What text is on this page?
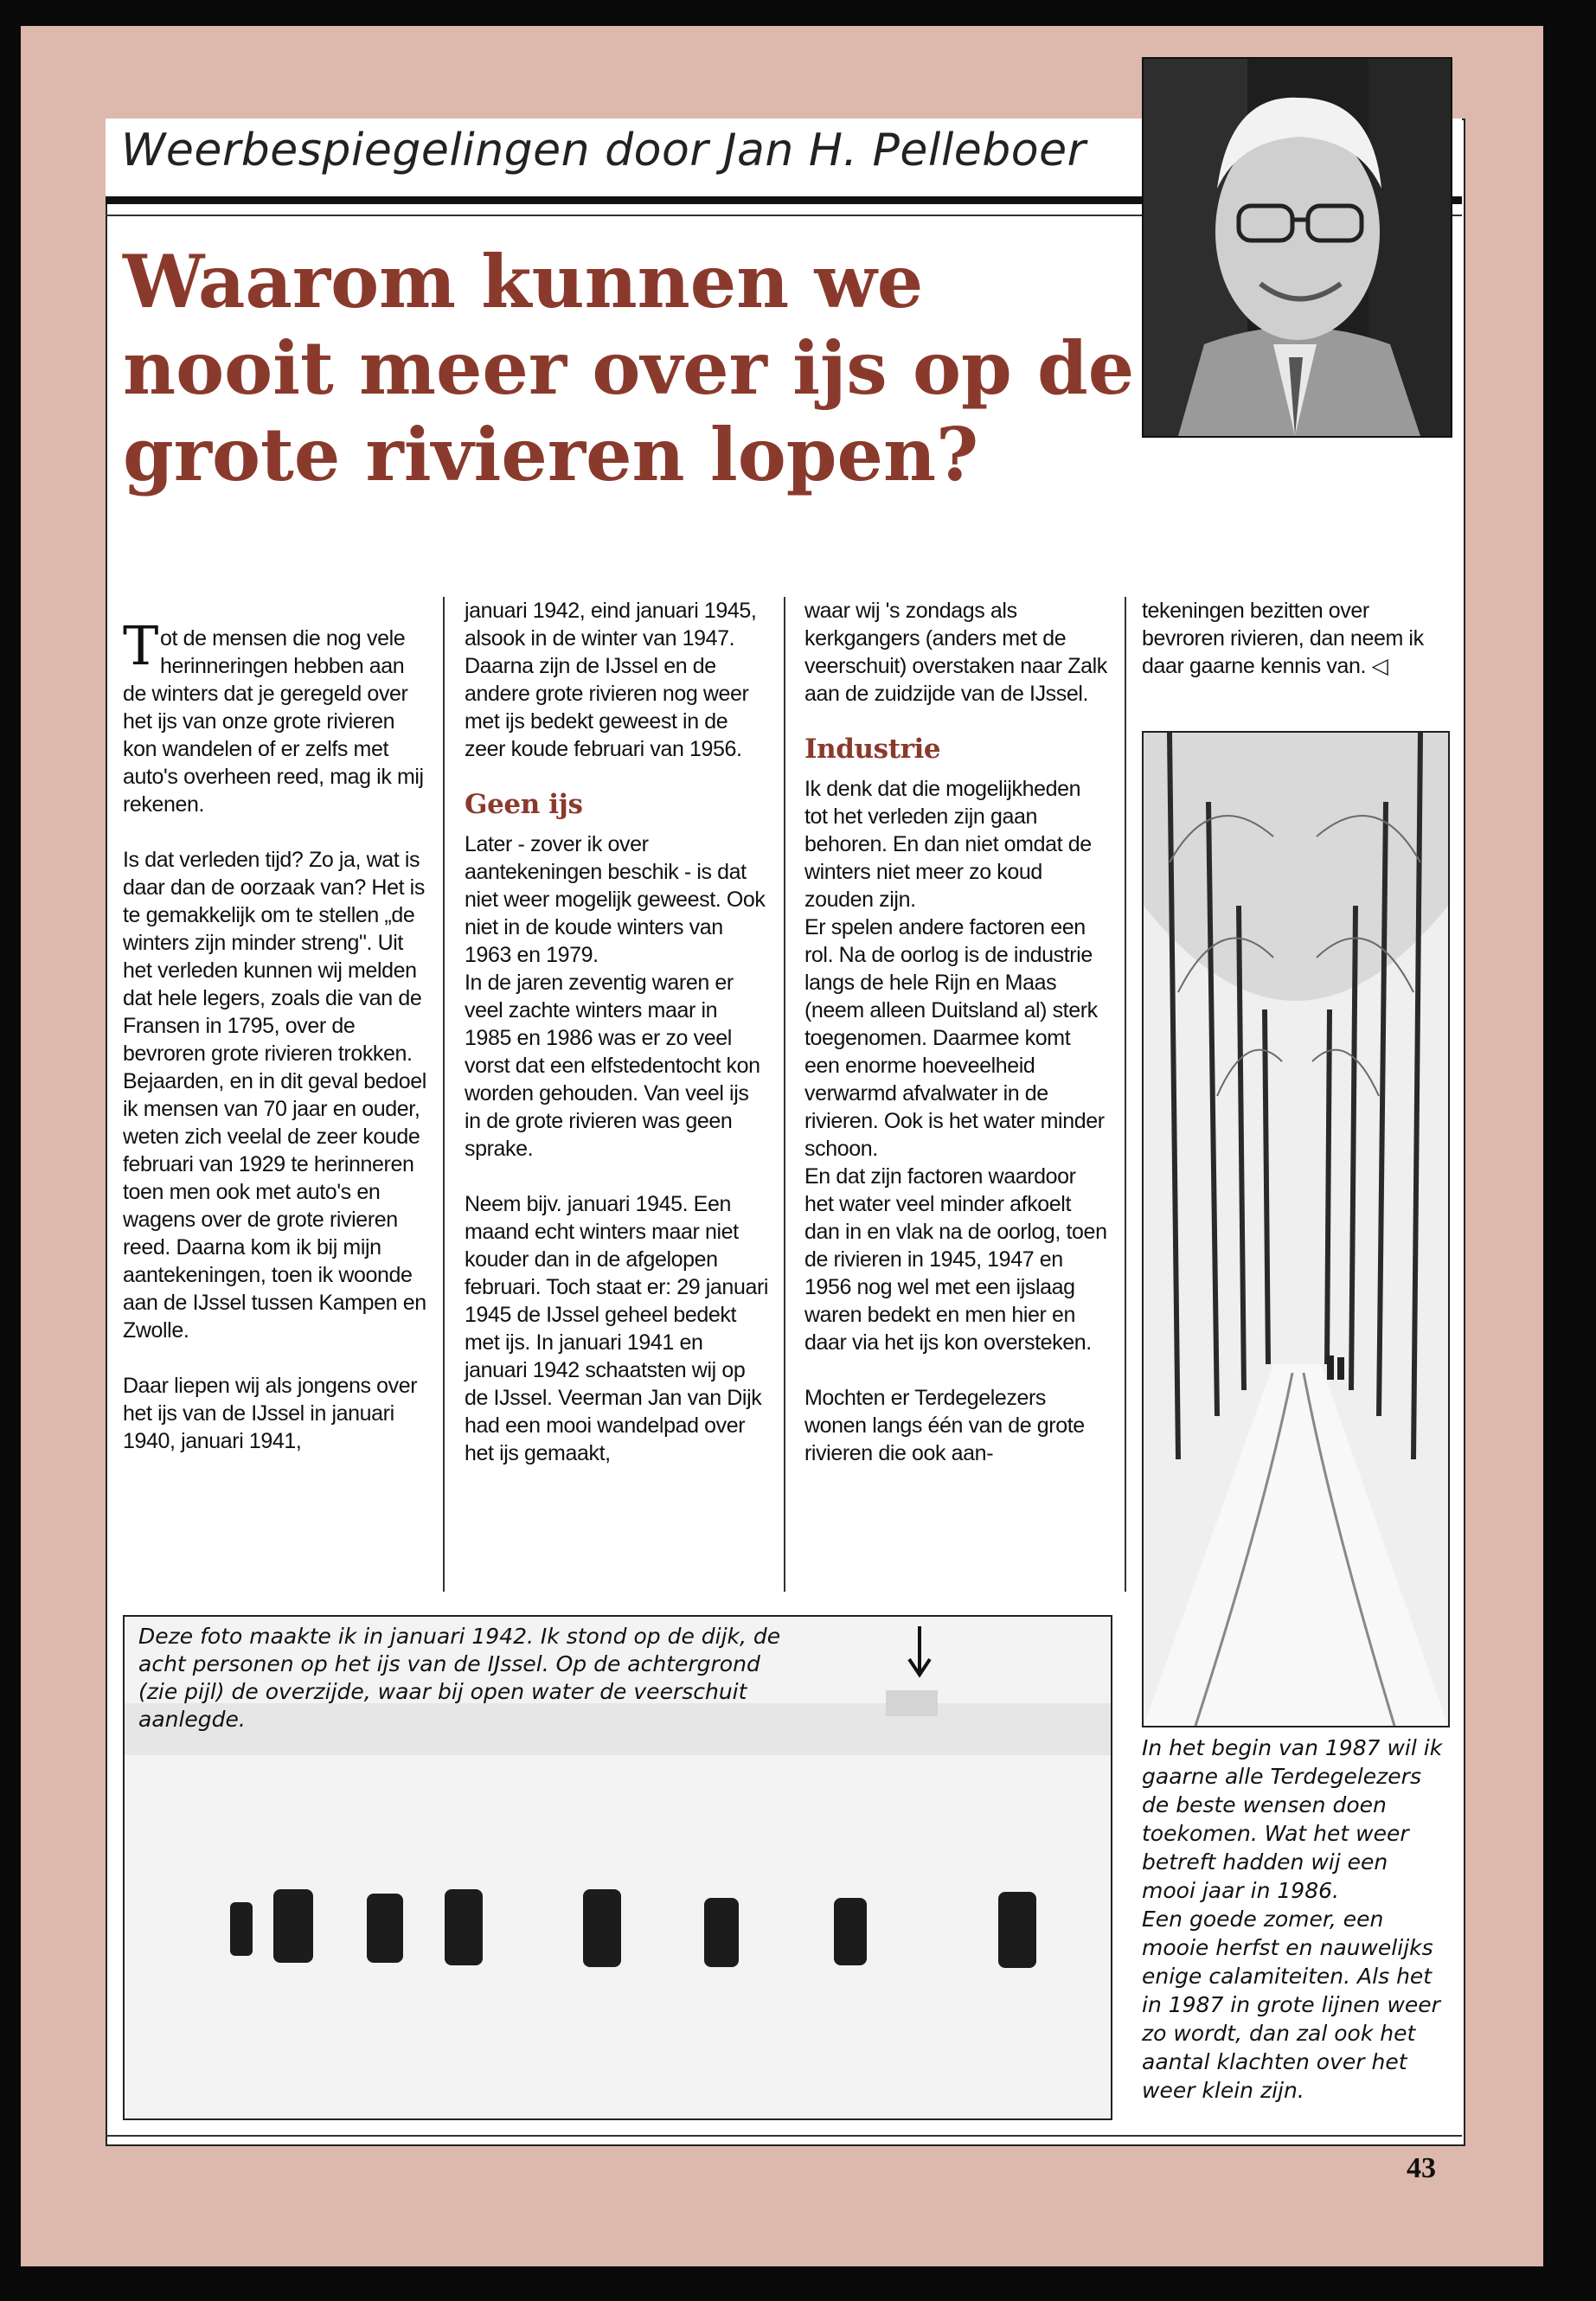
Weerbespiegelingen door Jan H. Pelleboer
Waarom kunnen we nooit meer over ijs op de grote rivieren lopen?

Tot de mensen die nog vele herinneringen hebben aan de winters dat je geregeld over het ijs van onze grote rivieren kon wandelen of er zelfs met auto's overheen reed, mag ik mij rekenen.

Is dat verleden tijd? Zo ja, wat is daar dan de oorzaak van? Het is te gemakkelijk om te stellen „de winters zijn minder streng". Uit het verleden kunnen wij melden dat hele legers, zoals die van de Fransen in 1795, over de bevroren grote rivieren trokken.
Bejaarden, en in dit geval bedoel ik mensen van 70 jaar en ouder, weten zich veelal de zeer koude februari van 1929 te herinneren toen men ook met auto's en wagens over de grote rivieren reed. Daarna kom ik bij mijn aantekeningen, toen ik woonde aan de IJssel tussen Kampen en Zwolle.

Daar liepen wij als jongens over het ijs van de IJssel in januari 1940, januari 1941,

januari 1942, eind januari 1945, alsook in de winter van 1947. Daarna zijn de IJssel en de andere grote rivieren nog weer met ijs bedekt geweest in de zeer koude februari van 1956.

Geen ijs

Later - zover ik over aantekeningen beschik - is dat niet weer mogelijk geweest. Ook niet in de koude winters van 1963 en 1979.
In de jaren zeventig waren er veel zachte winters maar in 1985 en 1986 was er zo veel vorst dat een elfstedentocht kon worden gehouden. Van veel ijs in de grote rivieren was geen sprake.

Neem bijv. januari 1945. Een maand echt winters maar niet kouder dan in de afgelopen februari. Toch staat er: 29 januari 1945 de IJssel geheel bedekt met ijs. In januari 1941 en januari 1942 schaatsten wij op de IJssel. Veerman Jan van Dijk had een mooi wandelpad over het ijs gemaakt,

waar wij 's zondags als kerkgangers (anders met de veerschuit) overstaken naar Zalk aan de zuidzijde van de IJssel.

Industrie

Ik denk dat die mogelijkheden tot het verleden zijn gaan behoren. En dan niet omdat de winters niet meer zo koud zouden zijn.
Er spelen andere factoren een rol. Na de oorlog is de industrie langs de hele Rijn en Maas (neem alleen Duitsland al) sterk toegenomen. Daarmee komt een enorme hoeveelheid verwarmd afvalwater in de rivieren. Ook is het water minder schoon.
En dat zijn factoren waardoor het water veel minder afkoelt dan in en vlak na de oorlog, toen de rivieren in 1945, 1947 en 1956 nog wel met een ijslaag waren bedekt en men hier en daar via het ijs kon oversteken.

Mochten er Terdegelezers wonen langs één van de grote rivieren die ook aan-

tekeningen bezitten over bevroren rivieren, dan neem ik daar gaarne kennis van. ◁

In het begin van 1987 wil ik gaarne alle Terdegelezers de beste wensen doen toekomen. Wat het weer betreft hadden wij een mooi jaar in 1986.
Een goede zomer, een mooie herfst en nauwelijks enige calamiteiten. Als het in 1987 in grote lijnen weer zo wordt, dan zal ook het aantal klachten over het weer klein zijn.
Deze foto maakte ik in januari 1942. Ik stond op de dijk, de acht personen op het ijs van de IJssel. Op de achtergrond (zie pijl) de overzijde, waar bij open water de veerschuit aanlegde.
43
